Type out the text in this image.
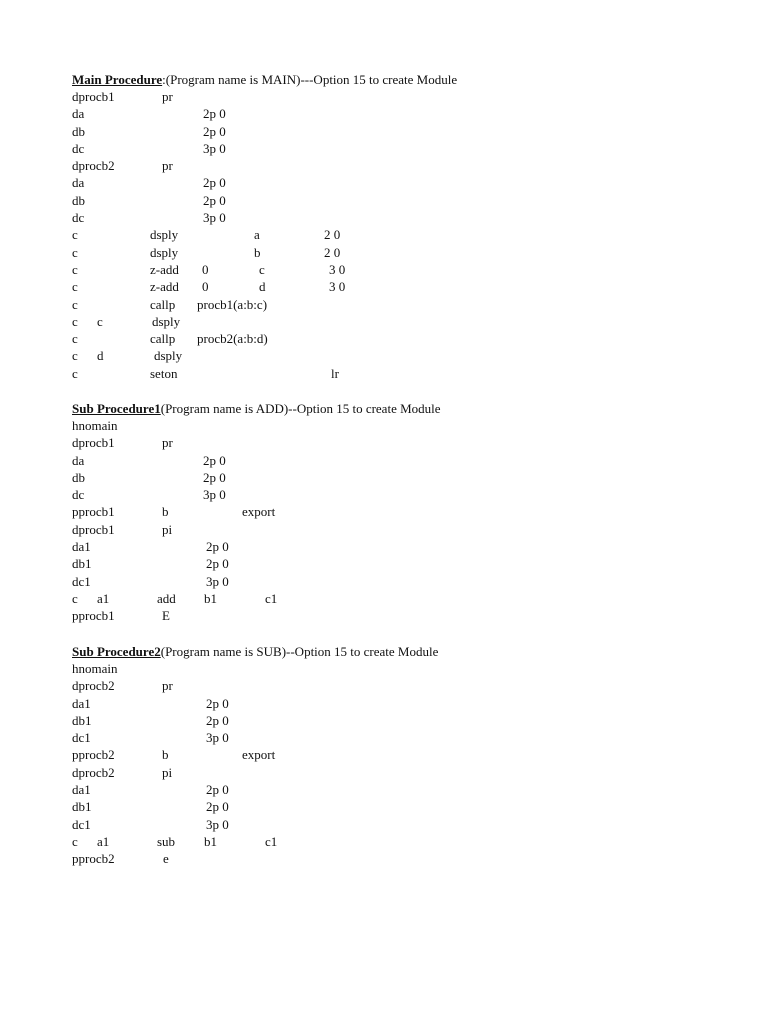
Main Procedure:(Program name is MAIN)---Option 15 to create Module
dprocb1	pr
da	2p 0
db	2p 0
dc	3p 0
dprocb2	pr
da	2p 0
db	2p 0
dc	3p 0
c	dsply	a	2 0
c	dsply	b	2 0
c	z-add 0	c	3 0
c	z-add 0	d	3 0
c	callp procb1(a:b:c)
c c	dsply
c	callp procb2(a:b:d)
c d	dsply
c	seton	lr
Sub Procedure1(Program name is ADD)--Option 15 to create Module
hnomain
dprocb1	pr
da	2p 0
db	2p 0
dc	3p 0
pprocb1	b	export
dprocb1	pi
da1	2p 0
db1	2p 0
dc1	3p 0
c a1	add b1	c1
pprocb1	E
Sub Procedure2(Program name is SUB)--Option 15 to create Module
hnomain
dprocb2	pr
da1	2p 0
db1	2p 0
dc1	3p 0
pprocb2	b	export
dprocb2	pi
da1	2p 0
db1	2p 0
dc1	3p 0
c a1	sub b1	c1
pprocb2	e
